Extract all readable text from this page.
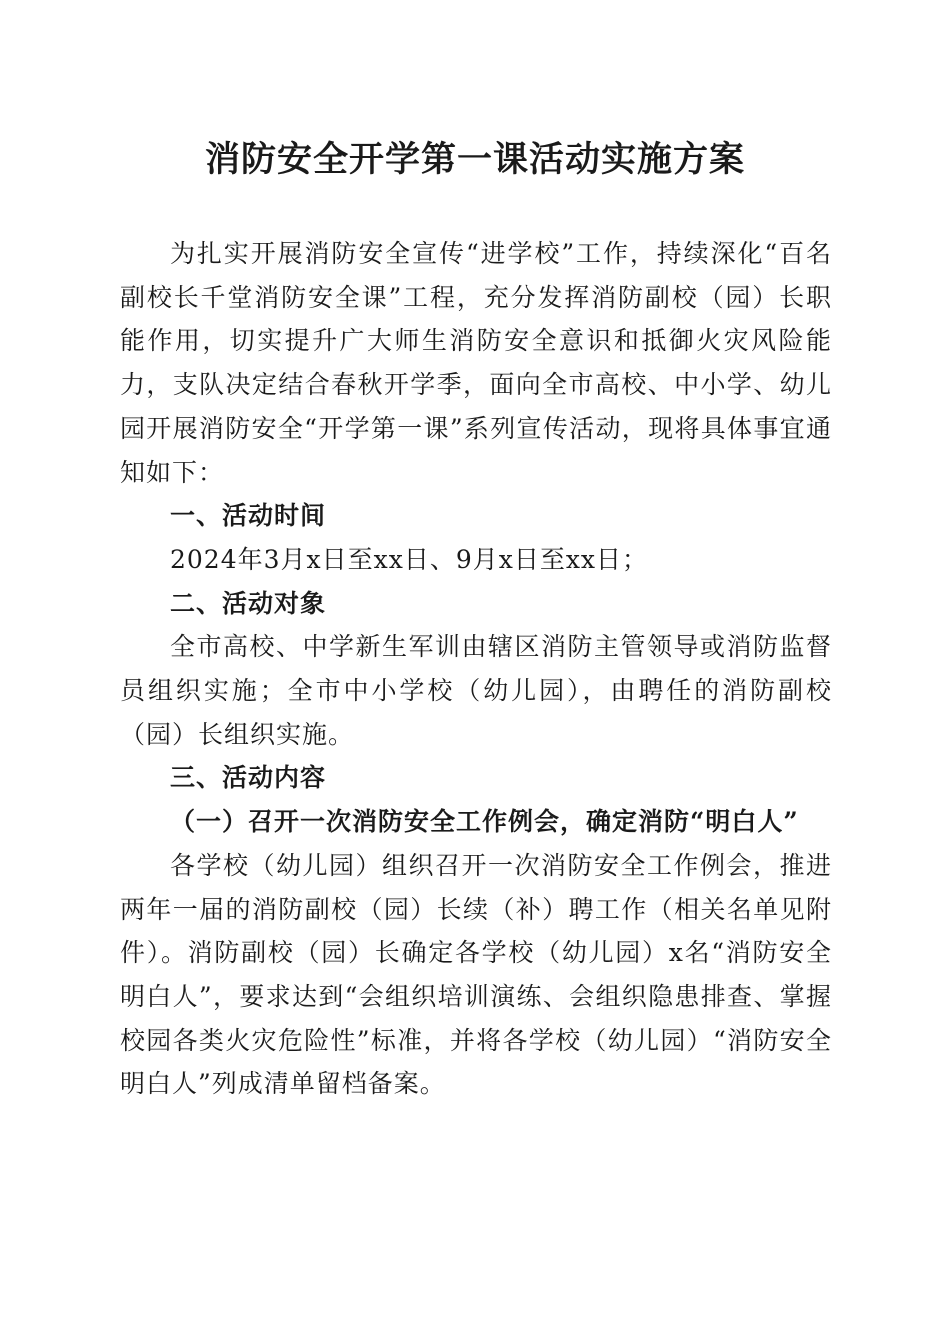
消防安全开学第一课活动实施方案

为扎实开展消防安全宣传“进学校”工作，持续深化“百名副校长千堂消防安全课”工程，充分发挥消防副校（园）长职能作用，切实提升广大师生消防安全意识和抵御火灾风险能力，支队决定结合春秋开学季，面向全市高校、中小学、幼儿园开展消防安全“开学第一课”系列宣传活动，现将具体事宜通知如下：

一、活动时间

2024年3月x日至xx日、9月x日至xx日；

二、活动对象

全市高校、中学新生军训由辖区消防主管领导或消防监督员组织实施；全市中小学校（幼儿园），由聘任的消防副校（园）长组织实施。

三、活动内容

（一）召开一次消防安全工作例会，确定消防“明白人”

各学校（幼儿园）组织召开一次消防安全工作例会，推进两年一届的消防副校（园）长续（补）聘工作（相关名单见附件）。消防副校（园）长确定各学校（幼儿园）x名“消防安全明白人”，要求达到“会组织培训演练、会组织隐患排查、掌握校园各类火灾危险性”标准，并将各学校（幼儿园）“消防安全明白人”列成清单留档备案。
